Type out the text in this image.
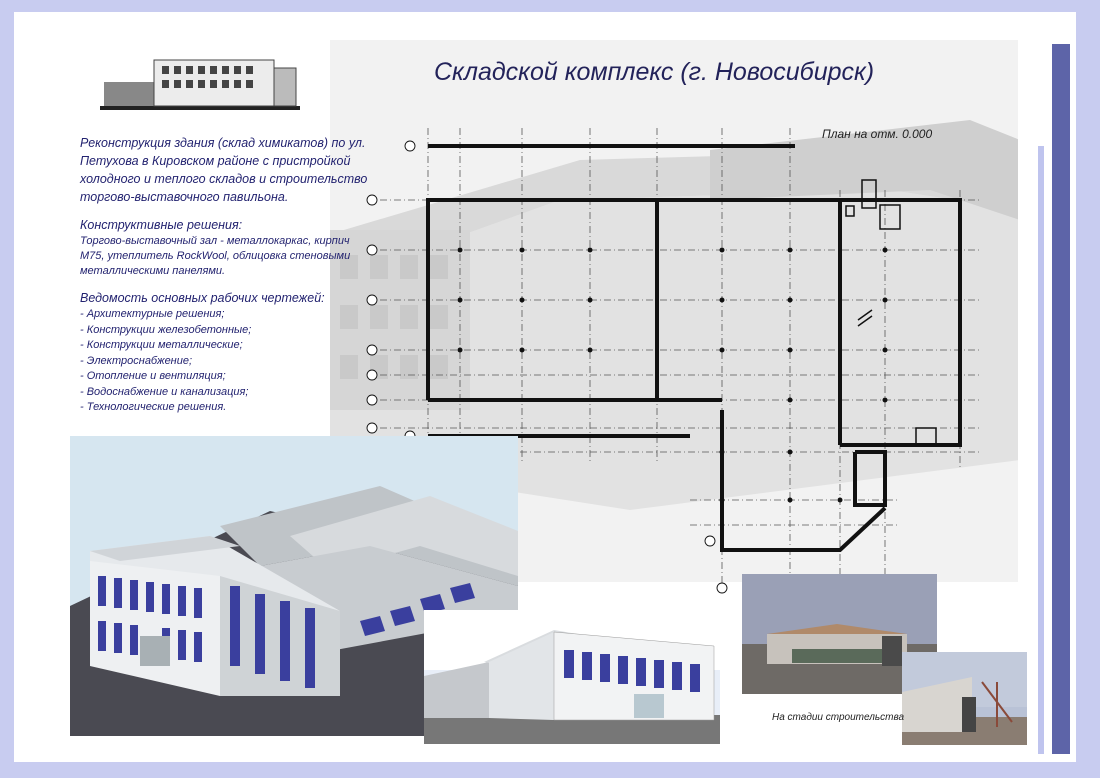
Складской комплекс (г. Новосибирск)
План на отм. 0.000

Реконструкция здания (склад химикатов) по ул. Петухова в Кировском районе с пристройкой холодного и теплого складов и строительство торгово-выставочного павильона.

Конструктивные решения:

Торгово-выставочный зал - металлокаркас, кирпич М75, утеплитель RockWool, облицовка стеновыми металлическими панелями.

Ведомость основных рабочих чертежей:

- Архитектурные решения;
- Конструкции железобетонные;
- Конструкции металлические;
- Электроснабжение;
- Отопление и вентиляция;
- Водоснабжение и канализация;
- Технологические решения.
На стадии строительства
